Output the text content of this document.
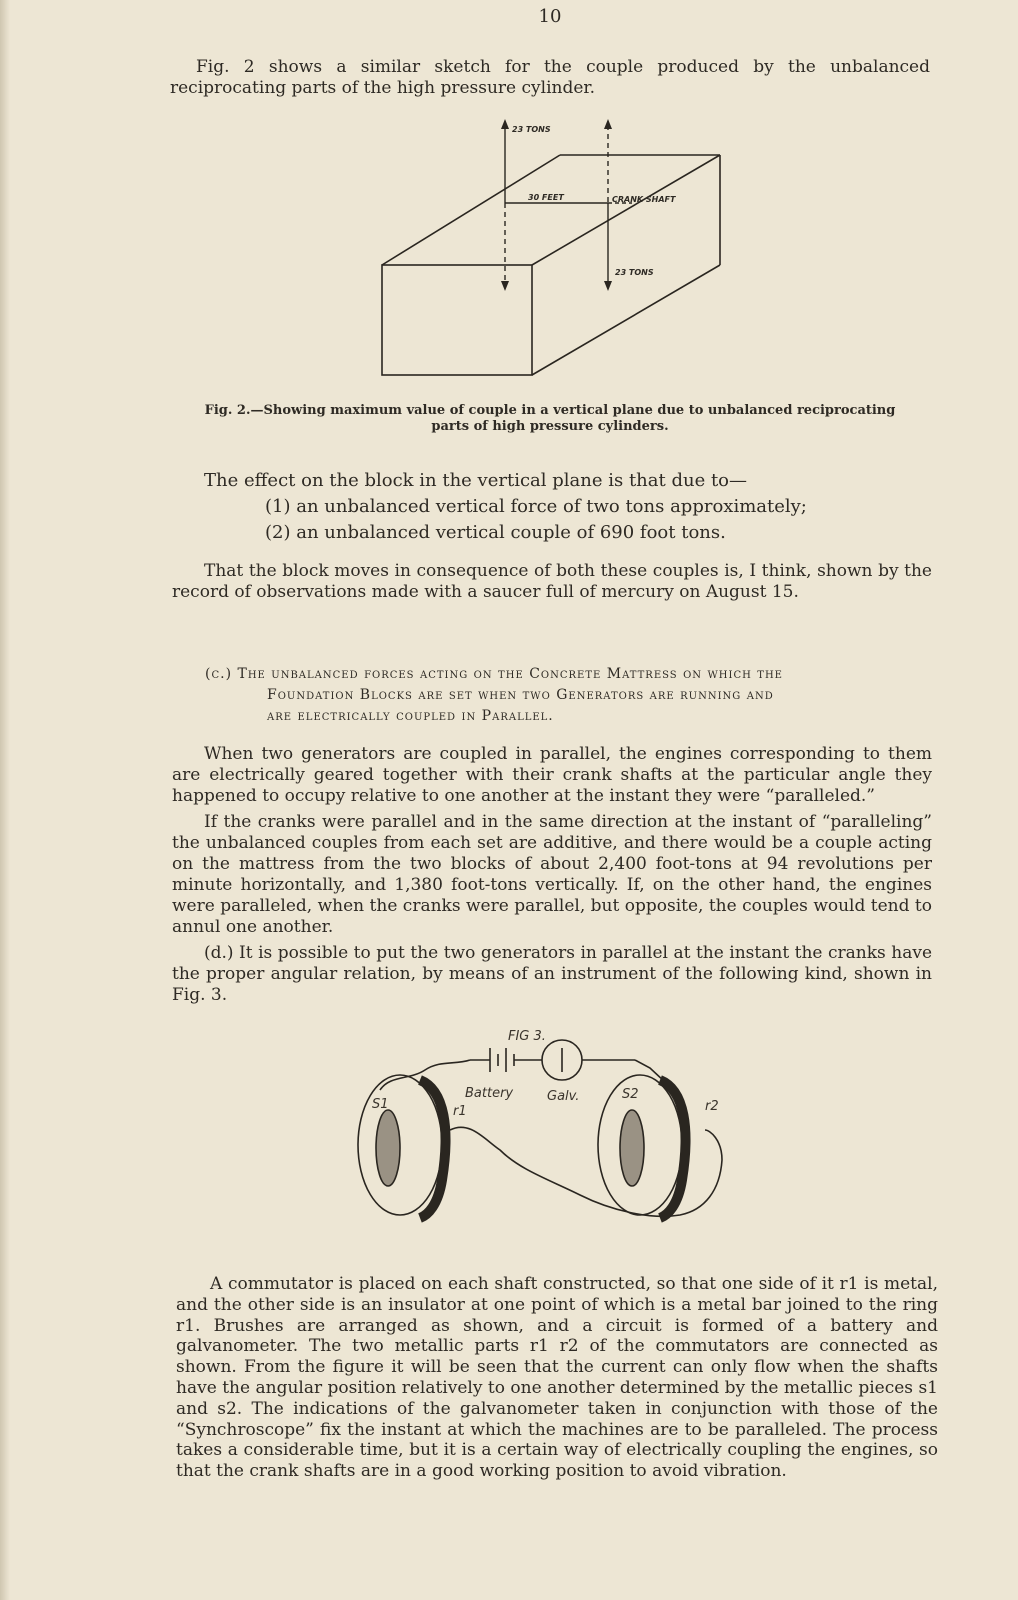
10

Fig. 2 shows a similar sketch for the couple produced by the unbalanced reciprocating parts of the high pressure cylinder.

23 TONS
30 FEET	CRANK SHAFT
23 TONS
Fig. 2.—Showing maximum value of couple in a vertical plane due to unbalanced reciprocating
parts of high pressure cylinders.

The effect on the block in the vertical plane is that due to—

(1) an unbalanced vertical force of two tons approximately;

(2) an unbalanced vertical couple of 690 foot tons.

That the block moves in consequence of both these couples is, I think, shown by the record of observations made with a saucer full of mercury on August 15.

(c.) The unbalanced forces acting on the Concrete Mattress on which the
Foundation Blocks are set when two Generators are running and
are electrically coupled in Parallel.

When two generators are coupled in parallel, the engines corresponding to them are electrically geared together with their crank shafts at the particular angle they happened to occupy relative to one another at the instant they were “paralleled.”

If the cranks were parallel and in the same direction at the instant of “paralleling” the unbalanced couples from each set are additive, and there would be a couple acting on the mattress from the two blocks of about 2,400 foot-tons at 94 revolutions per minute horizontally, and 1,380 foot-tons vertically. If, on the other hand, the engines were paralleled, when the cranks were parallel, but opposite, the couples would tend to annul one another.

(d.) It is possible to put the two generators in parallel at the instant the cranks have the proper angular relation, by means of an instrument of the following kind, shown in Fig. 3.

FIG 3.
Battery	Galv.
S1	r1
S2
r2

A commutator is placed on each shaft constructed, so that one side of it r1 is metal, and the other side is an insulator at one point of which is a metal bar joined to the ring r1. Brushes are arranged as shown, and a circuit is formed of a battery and galvanometer. The two metallic parts r1 r2 of the commutators are connected as shown. From the figure it will be seen that the current can only flow when the shafts have the angular position relatively to one another determined by the metallic pieces s1 and s2. The indications of the galvanometer taken in conjunction with those of the “Synchroscope” fix the instant at which the machines are to be paralleled. The process takes a considerable time, but it is a certain way of electrically coupling the engines, so that the crank shafts are in a good working position to avoid vibration.
